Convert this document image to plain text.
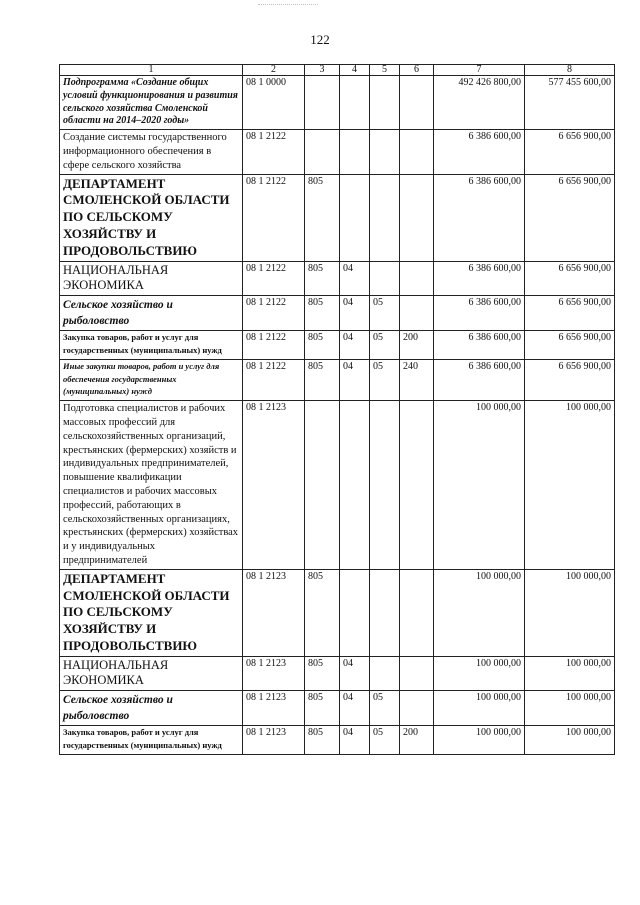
122
1	2	3	4	5	6	7	8
Подпрограмма «Создание общих условий функционирования и развития сельского хозяйства Смоленской области на 2014–2020 годы»	08 1 0000					492 426 800,00	577 455 600,00
Создание системы государственного информационного обеспечения в сфере сельского хозяйства	08 1 2122					6 386 600,00	6 656 900,00
ДЕПАРТАМЕНТ СМОЛЕНСКОЙ ОБЛАСТИ ПО СЕЛЬСКОМУ ХОЗЯЙСТВУ И ПРОДОВОЛЬСТВИЮ	08 1 2122	805				6 386 600,00	6 656 900,00
НАЦИОНАЛЬНАЯ ЭКОНОМИКА	08 1 2122	805	04			6 386 600,00	6 656 900,00
Сельское хозяйство и рыболовство	08 1 2122	805	04	05		6 386 600,00	6 656 900,00
Закупка товаров, работ и услуг для государственных (муниципальных) нужд	08 1 2122	805	04	05	200	6 386 600,00	6 656 900,00
Иные закупки товаров, работ и услуг для обеспечения государственных (муниципальных) нужд	08 1 2122	805	04	05	240	6 386 600,00	6 656 900,00
Подготовка специалистов и рабочих массовых профессий для сельскохозяйственных организаций, крестьянских (фермерских) хозяйств и индивидуальных предпринимателей, повышение квалификации специалистов и рабочих массовых профессий, работающих в сельскохозяйственных организациях, крестьянских (фермерских) хозяйствах и у индивидуальных предпринимателей	08 1 2123					100 000,00	100 000,00
ДЕПАРТАМЕНТ СМОЛЕНСКОЙ ОБЛАСТИ ПО СЕЛЬСКОМУ ХОЗЯЙСТВУ И ПРОДОВОЛЬСТВИЮ	08 1 2123	805				100 000,00	100 000,00
НАЦИОНАЛЬНАЯ ЭКОНОМИКА	08 1 2123	805	04			100 000,00	100 000,00
Сельское хозяйство и рыболовство	08 1 2123	805	04	05		100 000,00	100 000,00
Закупка товаров, работ и услуг для государственных (муниципальных) нужд	08 1 2123	805	04	05	200	100 000,00	100 000,00
